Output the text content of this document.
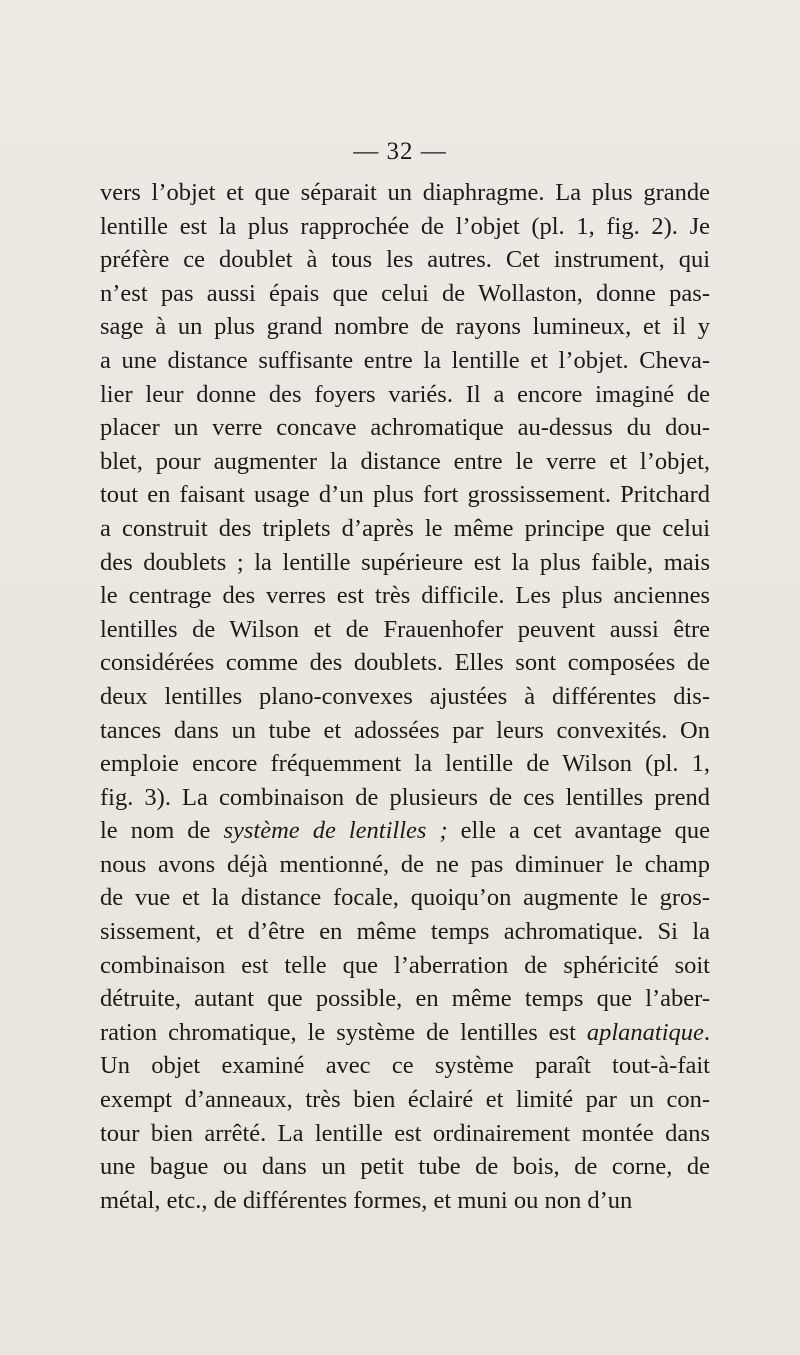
— 32 —
vers l’objet et que séparait un diaphragme. La plus grande
lentille est la plus rapprochée de l’objet (pl. 1, fig. 2). Je
préfère ce doublet à tous les autres. Cet instrument, qui
n’est pas aussi épais que celui de Wollaston, donne pas-
sage à un plus grand nombre de rayons lumineux, et il y
a une distance suffisante entre la lentille et l’objet. Cheva-
lier leur donne des foyers variés. Il a encore imaginé de
placer un verre concave achromatique au-dessus du dou-
blet, pour augmenter la distance entre le verre et l’objet,
tout en faisant usage d’un plus fort grossissement. Pritchard
a construit des triplets d’après le même principe que celui
des doublets ; la lentille supérieure est la plus faible, mais
le centrage des verres est très difficile. Les plus anciennes
lentilles de Wilson et de Frauenhofer peuvent aussi être
considérées comme des doublets. Elles sont composées de
deux lentilles plano-convexes ajustées à différentes dis-
tances dans un tube et adossées par leurs convexités. On
emploie encore fréquemment la lentille de Wilson (pl. 1,
fig. 3). La combinaison de plusieurs de ces lentilles prend
le nom de système de lentilles ; elle a cet avantage que
nous avons déjà mentionné, de ne pas diminuer le champ
de vue et la distance focale, quoiqu’on augmente le gros-
sissement, et d’être en même temps achromatique. Si la
combinaison est telle que l’aberration de sphéricité soit
détruite, autant que possible, en même temps que l’aber-
ration chromatique, le système de lentilles est aplanatique.
Un objet examiné avec ce système paraît tout-à-fait
exempt d’anneaux, très bien éclairé et limité par un con-
tour bien arrêté. La lentille est ordinairement montée dans
une bague ou dans un petit tube de bois, de corne, de
métal, etc., de différentes formes, et muni ou non d’un
